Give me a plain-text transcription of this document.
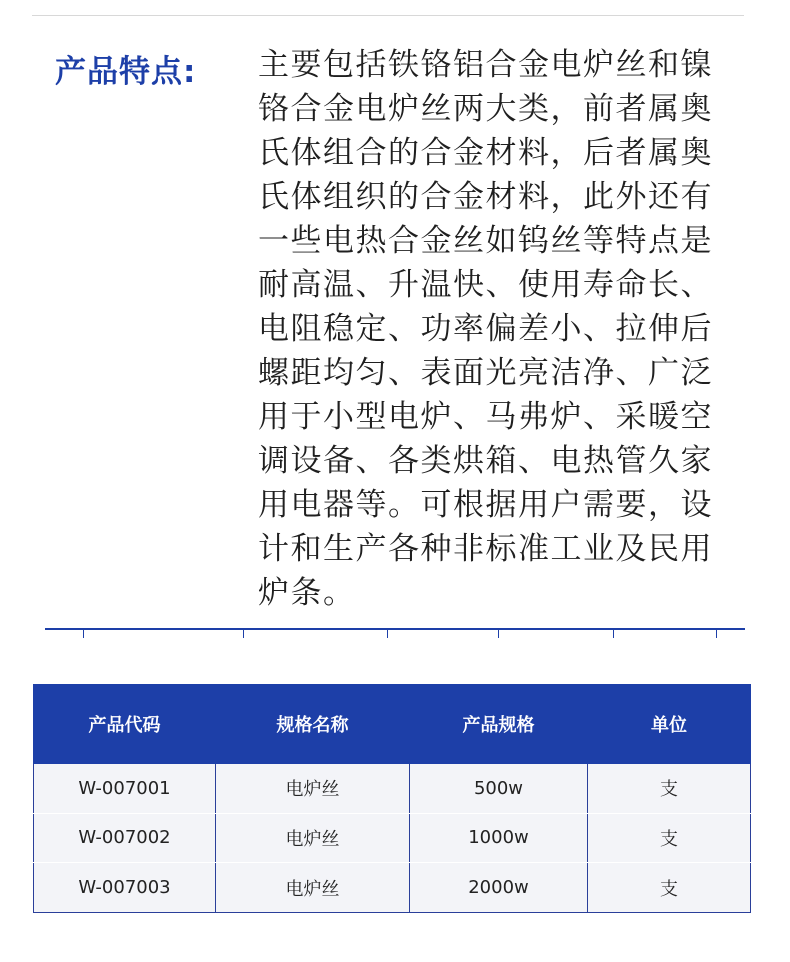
产品特点: 主要包括铁铬铝合金电炉丝和镍
铬合金电炉丝两大类，前者属奥
氏体组合的合金材料，后者属奥
氏体组织的合金材料，此外还有
一些电热合金丝如钨丝等特点是
耐高温、升温快、使用寿命长、
电阻稳定、功率偏差小、拉伸后
螺距均匀、表面光亮洁净、广泛
用于小型电炉、马弗炉、采暖空
调设备、各类烘箱、电热管久家
用电器等。可根据用户需要，设
计和生产各种非标准工业及民用
炉条。
产品代码	规格名称	产品规格	单位
W-007001	电炉丝	500w	支
W-007002	电炉丝	1000w	支
W-007003	电炉丝	2000w	支
